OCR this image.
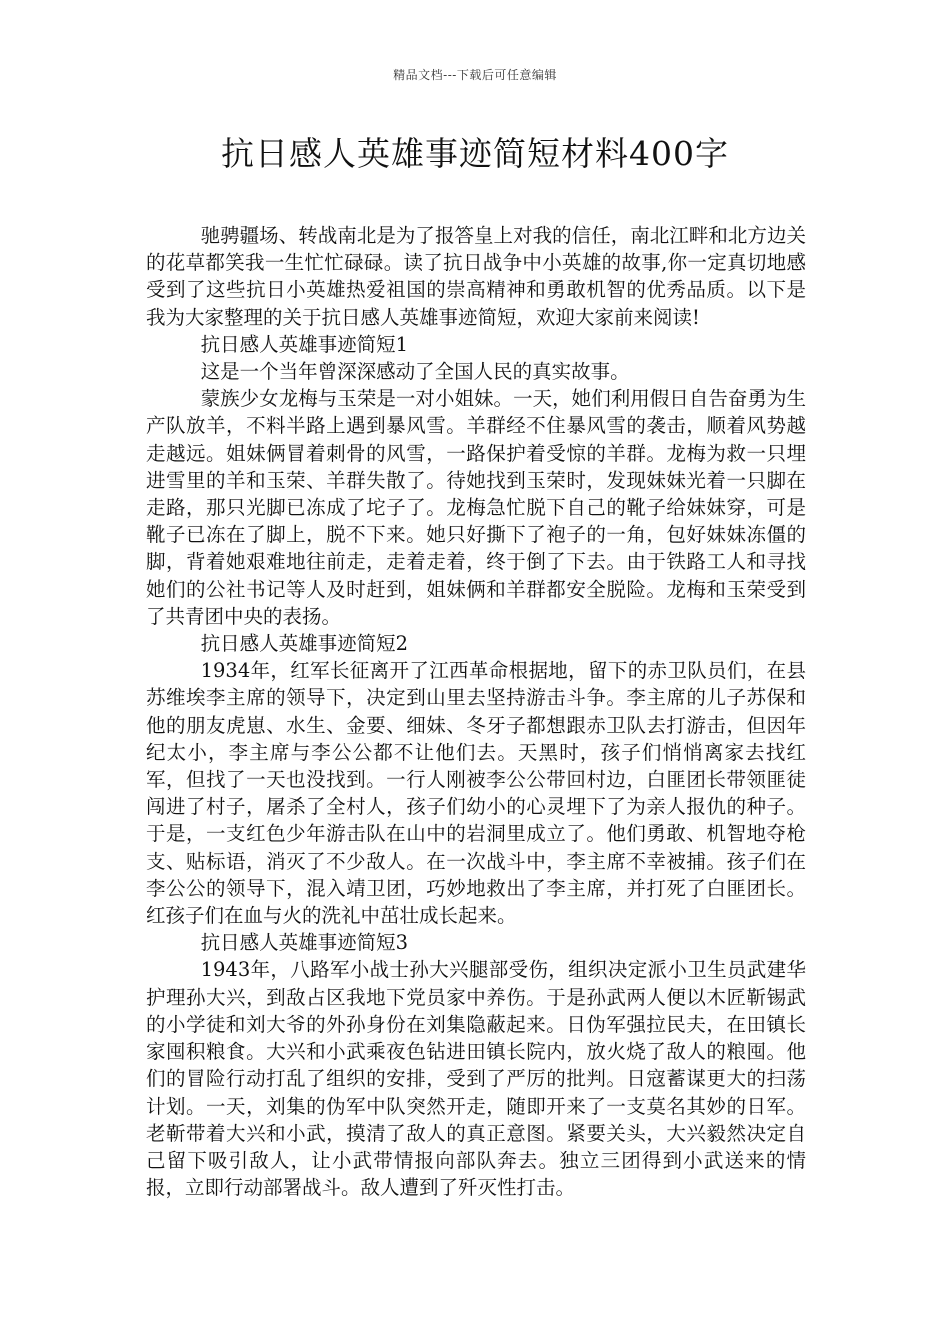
精品文档---下载后可任意编辑
抗日感人英雄事迹简短材料400字

驰骋疆场、转战南北是为了报答皇上对我的信任，南北江畔和北方边关的花草都笑我一生忙忙碌碌。读了抗日战争中小英雄的故事,你一定真切地感受到了这些抗日小英雄热爱祖国的崇高精神和勇敢机智的优秀品质。以下是我为大家整理的关于抗日感人英雄事迹简短，欢迎大家前来阅读!

抗日感人英雄事迹简短1

这是一个当年曾深深感动了全国人民的真实故事。

蒙族少女龙梅与玉荣是一对小姐妹。一天，她们利用假日自告奋勇为生产队放羊，不料半路上遇到暴风雪。羊群经不住暴风雪的袭击，顺着风势越走越远。姐妹俩冒着刺骨的风雪，一路保护着受惊的羊群。龙梅为救一只埋进雪里的羊和玉荣、羊群失散了。待她找到玉荣时，发现妹妹光着一只脚在走路，那只光脚已冻成了坨子了。龙梅急忙脱下自己的靴子给妹妹穿，可是靴子已冻在了脚上，脱不下来。她只好撕下了袍子的一角，包好妹妹冻僵的脚，背着她艰难地往前走，走着走着，终于倒了下去。由于铁路工人和寻找她们的公社书记等人及时赶到，姐妹俩和羊群都安全脱险。龙梅和玉荣受到了共青团中央的表扬。

抗日感人英雄事迹简短2

1934年，红军长征离开了江西革命根据地，留下的赤卫队员们，在县苏维埃李主席的领导下，决定到山里去坚持游击斗争。李主席的儿子苏保和他的朋友虎崽、水生、金要、细妹、冬牙子都想跟赤卫队去打游击，但因年纪太小，李主席与李公公都不让他们去。天黑时，孩子们悄悄离家去找红军，但找了一天也没找到。一行人刚被李公公带回村边，白匪团长带领匪徒闯进了村子，屠杀了全村人，孩子们幼小的心灵埋下了为亲人报仇的种子。于是，一支红色少年游击队在山中的岩洞里成立了。他们勇敢、机智地夺枪支、贴标语，消灭了不少敌人。在一次战斗中，李主席不幸被捕。孩子们在李公公的领导下，混入靖卫团，巧妙地救出了李主席，并打死了白匪团长。红孩子们在血与火的洗礼中茁壮成长起来。

抗日感人英雄事迹简短3

1943年，八路军小战士孙大兴腿部受伤，组织决定派小卫生员武建华护理孙大兴，到敌占区我地下党员家中养伤。于是孙武两人便以木匠靳锡武的小学徒和刘大爷的外孙身份在刘集隐蔽起来。日伪军强拉民夫，在田镇长家囤积粮食。大兴和小武乘夜色钻进田镇长院内，放火烧了敌人的粮囤。他们的冒险行动打乱了组织的安排，受到了严厉的批判。日寇蓄谋更大的扫荡计划。一天，刘集的伪军中队突然开走，随即开来了一支莫名其妙的日军。老靳带着大兴和小武，摸清了敌人的真正意图。紧要关头，大兴毅然决定自己留下吸引敌人，让小武带情报向部队奔去。独立三团得到小武送来的情报，立即行动部署战斗。敌人遭到了歼灭性打击。
